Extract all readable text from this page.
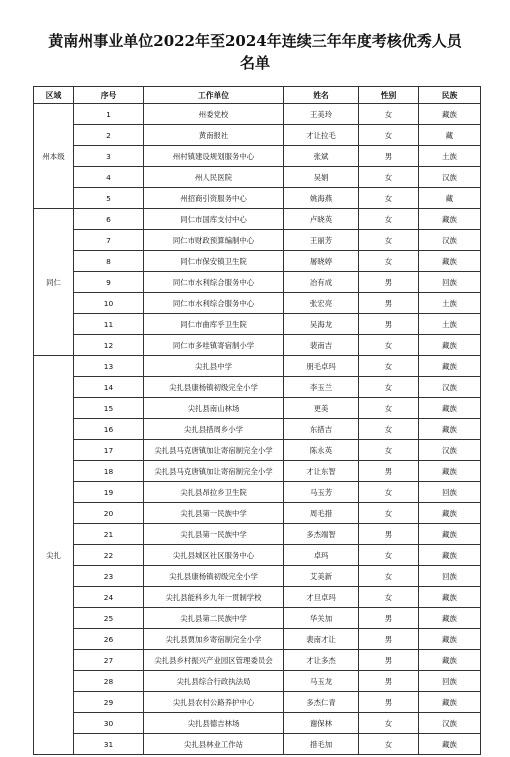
黄南州事业单位2022年至2024年连续三年年度考核优秀人员
名单
区域	序号	工作单位	姓名	性别	民族
州本级	1	州委党校	王美玲	女	藏族
	2	黄南报社	才让拉毛	女	藏
	3	州村镇建设规划服务中心	张斌	男	土族
	4	州人民医院	吴娟	女	汉族
	5	州招商引资服务中心	姚海燕	女	藏
同仁	6	同仁市国库支付中心	卢晓英	女	藏族
	7	同仁市财政预算编制中心	王丽芳	女	汉族
	8	同仁市保安镇卫生院	屠晓婷	女	藏族
	9	同仁市水利综合服务中心	冶有成	男	回族
	10	同仁市水利综合服务中心	张宏亮	男	土族
	11	同仁市曲库乎卫生院	吴海龙	男	土族
	12	同仁市多哇镇寄宿制小学	裴南吉	女	藏族
尖扎	13	尖扎县中学	朋毛卓玛	女	藏族
	14	尖扎县康杨镇初级完全小学	李玉兰	女	汉族
	15	尖扎县南山林场	更美	女	藏族
	16	尖扎县措周乡小学	东措吉	女	藏族
	17	尖扎县马克唐镇加让寄宿制完全小学	陈永英	女	汉族
	18	尖扎县马克唐镇加让寄宿制完全小学	才让东智	男	藏族
	19	尖扎县昂拉乡卫生院	马玉芳	女	回族
	20	尖扎县第一民族中学	周毛措	女	藏族
	21	尖扎县第一民族中学	多杰端智	男	藏族
	22	尖扎县城区社区服务中心	卓玛	女	藏族
	23	尖扎县康杨镇初级完全小学	艾美新	女	回族
	24	尖扎县能科乡九年一贯制学校	才旦卓玛	女	藏族
	25	尖扎县第二民族中学	华关加	男	藏族
	26	尖扎县贾加乡寄宿制完全小学	裴南才让	男	藏族
	27	尖扎县乡村振兴产业园区管理委员会	才让多杰	男	藏族
	28	尖扎县综合行政执法局	马玉龙	男	回族
	29	尖扎县农村公路养护中心	多杰仁青	男	藏族
	30	尖扎县德吉林场	谢保林	女	汉族
	31	尖扎县林业工作站	措毛加	女	藏族
